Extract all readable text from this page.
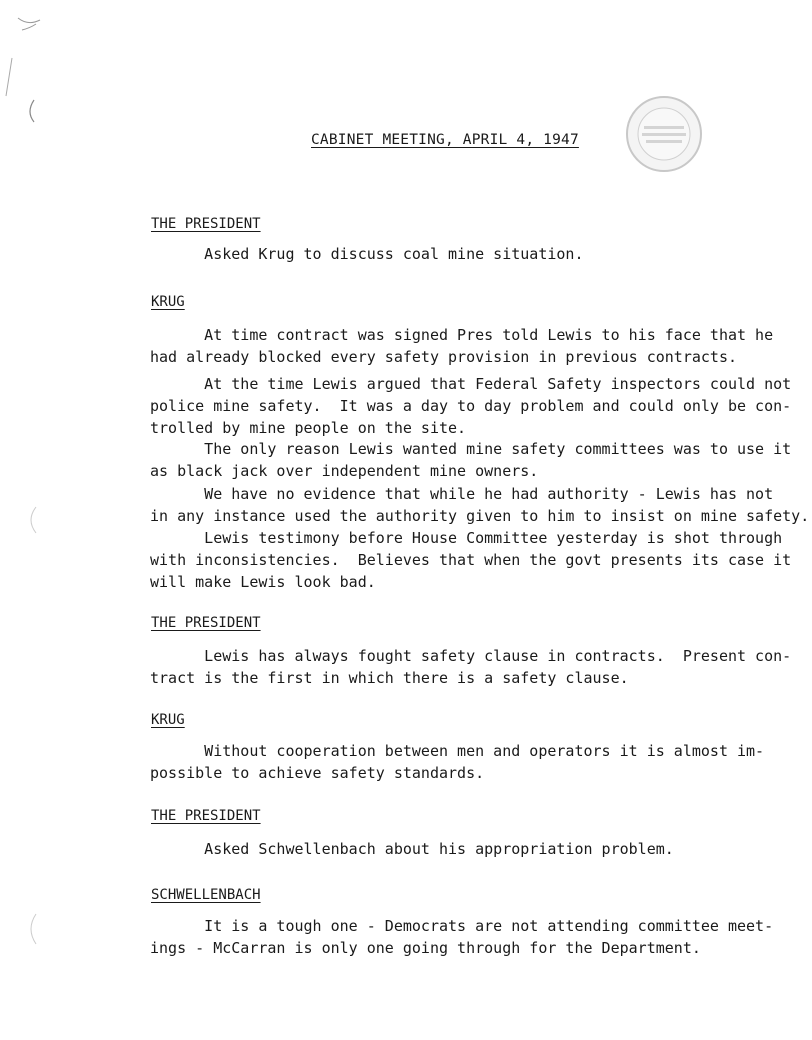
CABINET MEETING, APRIL 4, 1947
THE PRESIDENT
Asked Krug to discuss coal mine situation.
KRUG
At time contract was signed Pres told Lewis to his face that he
had already blocked every safety provision in previous contracts.
At the time Lewis argued that Federal Safety inspectors could not
police mine safety.  It was a day to day problem and could only be con-
trolled by mine people on the site.
The only reason Lewis wanted mine safety committees was to use it
as black jack over independent mine owners.
We have no evidence that while he had authority - Lewis has not
in any instance used the authority given to him to insist on mine safety.
Lewis testimony before House Committee yesterday is shot through
with inconsistencies.  Believes that when the govt presents its case it
will make Lewis look bad.
THE PRESIDENT
Lewis has always fought safety clause in contracts.  Present con-
tract is the first in which there is a safety clause.
KRUG
Without cooperation between men and operators it is almost im-
possible to achieve safety standards.
THE PRESIDENT
Asked Schwellenbach about his appropriation problem.
SCHWELLENBACH
It is a tough one - Democrats are not attending committee meet-
ings - McCarran is only one going through for the Department.
